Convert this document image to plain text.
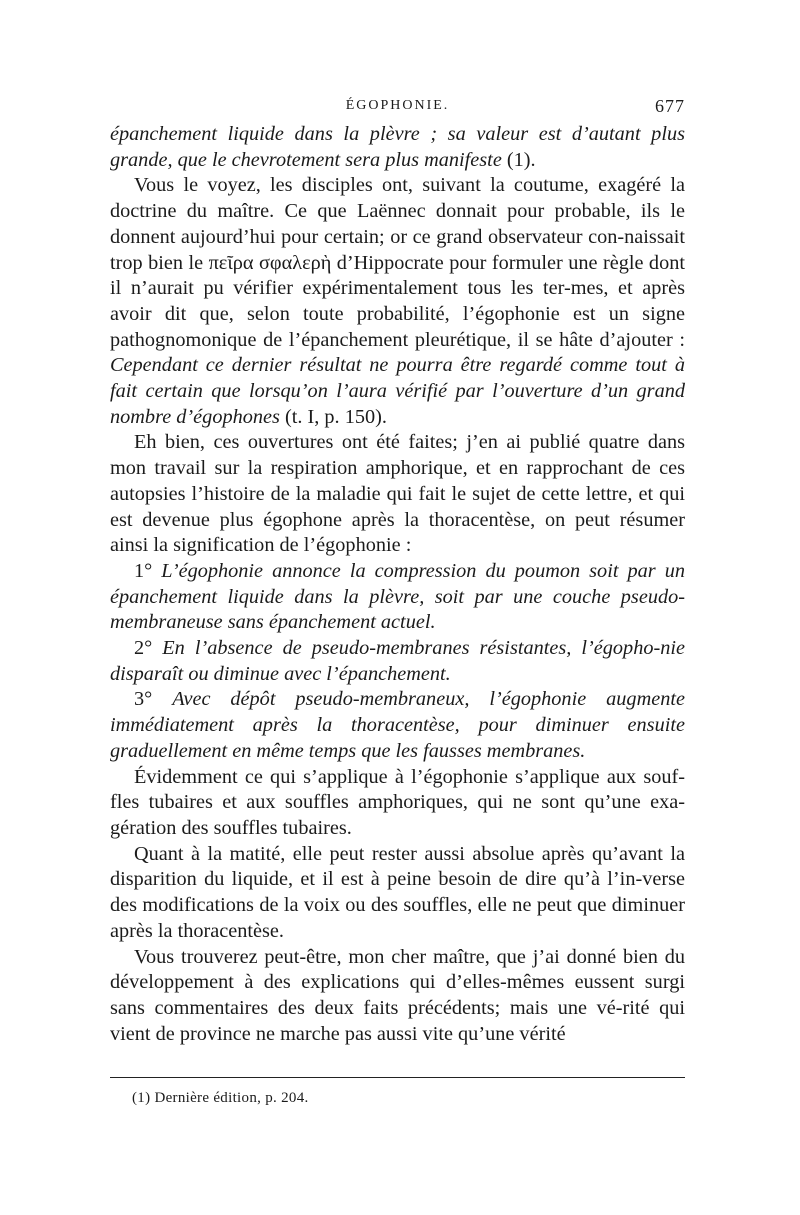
ÉGOPHONIE.	677

épanchement liquide dans la plèvre ; sa valeur est d’autant plus grande, que le chevrotement sera plus manifeste (1).

Vous le voyez, les disciples ont, suivant la coutume, exagéré la doctrine du maître. Ce que Laënnec donnait pour probable, ils le donnent aujourd’hui pour certain; or ce grand observateur con-naissait trop bien le πεῖρα σφαλερὴ d’Hippocrate pour formuler une règle dont il n’aurait pu vérifier expérimentalement tous les ter-mes, et après avoir dit que, selon toute probabilité, l’égophonie est un signe pathognomonique de l’épanchement pleurétique, il se hâte d’ajouter : Cependant ce dernier résultat ne pourra être regardé comme tout à fait certain que lorsqu’on l’aura vérifié par l’ouverture d’un grand nombre d’égophones (t. I, p. 150).

Eh bien, ces ouvertures ont été faites; j’en ai publié quatre dans mon travail sur la respiration amphorique, et en rapprochant de ces autopsies l’histoire de la maladie qui fait le sujet de cette lettre, et qui est devenue plus égophone après la thoracentèse, on peut résumer ainsi la signification de l’égophonie :

1° L’égophonie annonce la compression du poumon soit par un épanchement liquide dans la plèvre, soit par une couche pseudo-membraneuse sans épanchement actuel.

2° En l’absence de pseudo-membranes résistantes, l’égopho-nie disparaît ou diminue avec l’épanchement.

3° Avec dépôt pseudo-membraneux, l’égophonie augmente immédiatement après la thoracentèse, pour diminuer ensuite graduellement en même temps que les fausses membranes.

Évidemment ce qui s’applique à l’égophonie s’applique aux souf-fles tubaires et aux souffles amphoriques, qui ne sont qu’une exa-gération des souffles tubaires.

Quant à la matité, elle peut rester aussi absolue après qu’avant la disparition du liquide, et il est à peine besoin de dire qu’à l’in-verse des modifications de la voix ou des souffles, elle ne peut que diminuer après la thoracentèse.

Vous trouverez peut-être, mon cher maître, que j’ai donné bien du développement à des explications qui d’elles-mêmes eussent surgi sans commentaires des deux faits précédents; mais une vé-rité qui vient de province ne marche pas aussi vite qu’une vérité

(1) Dernière édition, p. 204.
